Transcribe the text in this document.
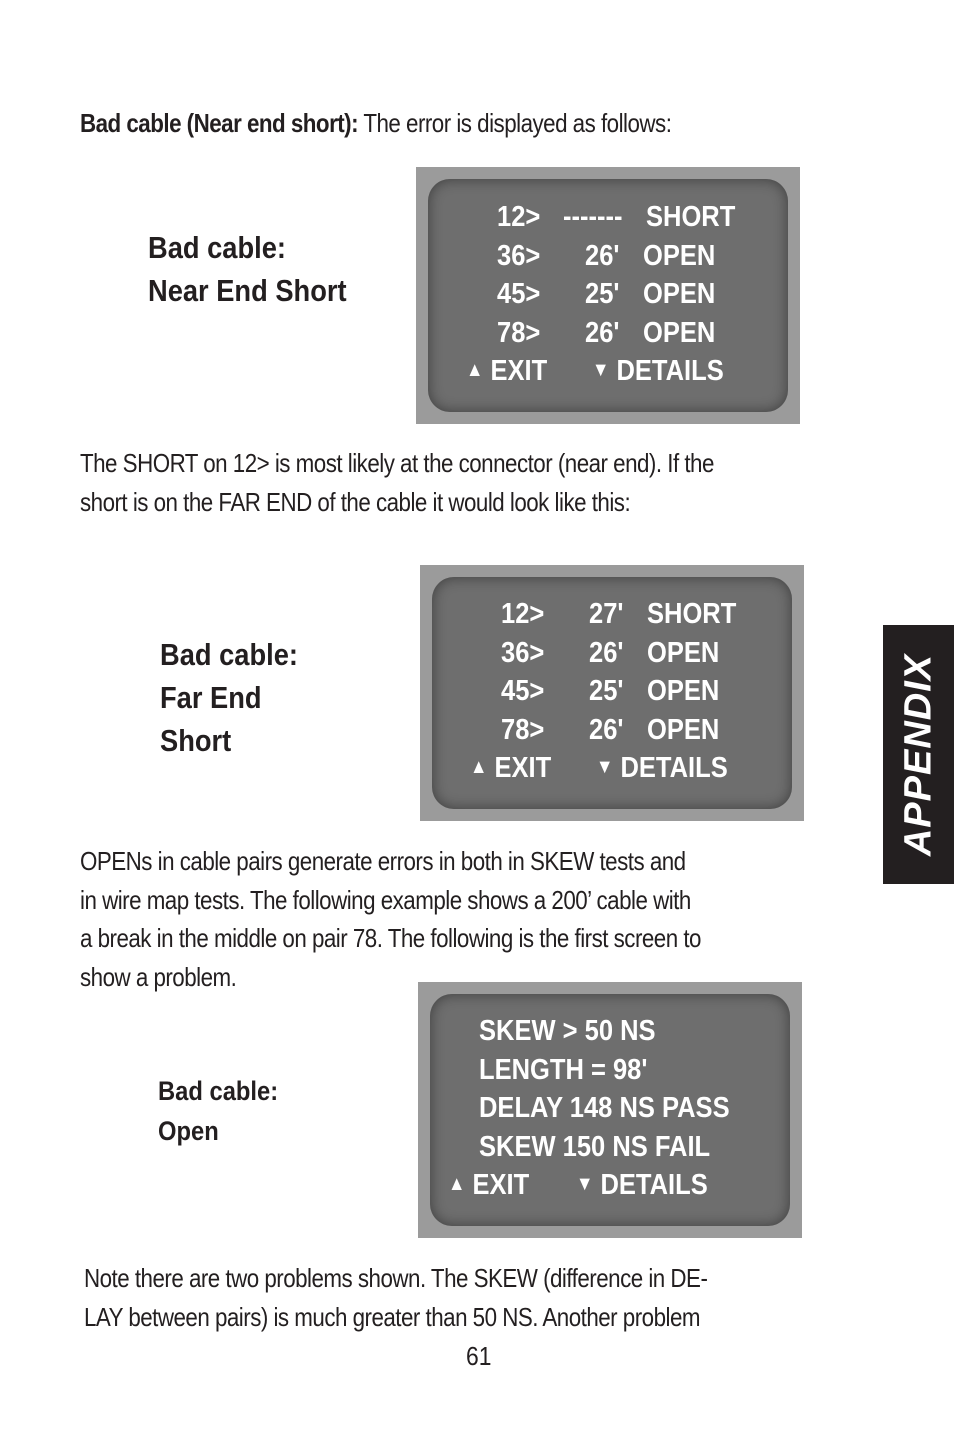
Bad cable (Near end short): The error is displayed as follows:
Bad cable:
Near End Short
12> ------- SHORT
36> 26' OPEN
45> 25' OPEN
78> 26' OPEN
▲ EXIT ▼ DETAILS
The SHORT on 12> is most likely at the connector (near end). If the
short is on the FAR END of the cable it would look like this:
Bad cable:
Far End
Short
12> 27' SHORT
36> 26' OPEN
45> 25' OPEN
78> 26' OPEN
▲ EXIT ▼ DETAILS
OPENs in cable pairs generate errors in both in SKEW tests and
in wire map tests. The following example shows a 200’ cable with
a break in the middle on pair 78. The following is the first screen to
show a problem.
Bad cable:
Open
SKEW > 50 NS
LENGTH = 98'
DELAY 148 NS PASS
SKEW 150 NS FAIL
▲ EXIT ▼ DETAILS
Note there are two problems shown. The SKEW (difference in DE-
LAY between pairs) is much greater than 50 NS. Another problem
APPENDIX
61
